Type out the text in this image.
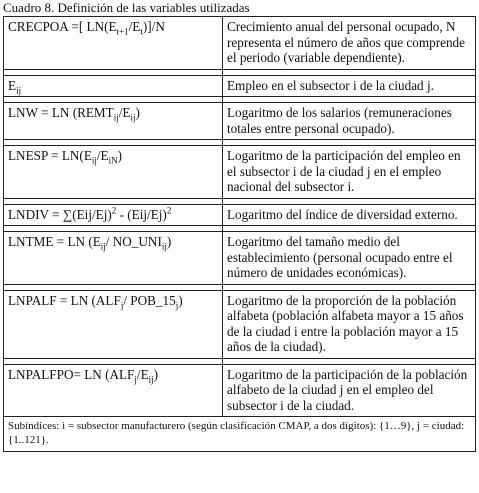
Cuadro 8. Definición de las variables utilizadas
CRECPOA =[ $LN(E_{t+1}/E_t)]/N$	Crecimiento anual del personal ocupado, N representa el número de años que comprende el periodo (variable dependiente).

$E_{ij}$	Empleo en el subsector i de la ciudad j.

LNW = LN $(REMT_{ij}/E_{ij})$	Logaritmo de los salarios (remuneraciones totales entre personal ocupado).

LNESP = $LN(E_{ij}/E_{iN})$	Logaritmo de la participación del empleo en el subsector i de la ciudad j en el empleo nacional del subsector i.

LNDIV = $\sum(Eij/Ej)^2 - (Eij/Ej)^2$	Logaritmo del índice de diversidad externo.

LNTME = LN ($E_{ij}/$ $NO\_UNI_{ij}$)	Logaritmo del tamaño medio del establecimiento (personal ocupado entre el número de unidades económicas).

LNPALF = LN ($ALF_j/$ $POB\_15_j$)	Logaritmo de la proporción de la población alfabeta (población alfabeta mayor a 15 años de la ciudad i entre la población mayor a 15 años de la ciudad).

LNPALFPO= LN $(ALF_j/E_{ij})$	Logaritmo de la participación de la población alfabeto de la ciudad j en el empleo del subsector i de la ciudad.
Subíndices: i = subsector manufacturero (según clasificación CMAP, a dos dígitos): {1…9}, j = ciudad: {1..121}.	
